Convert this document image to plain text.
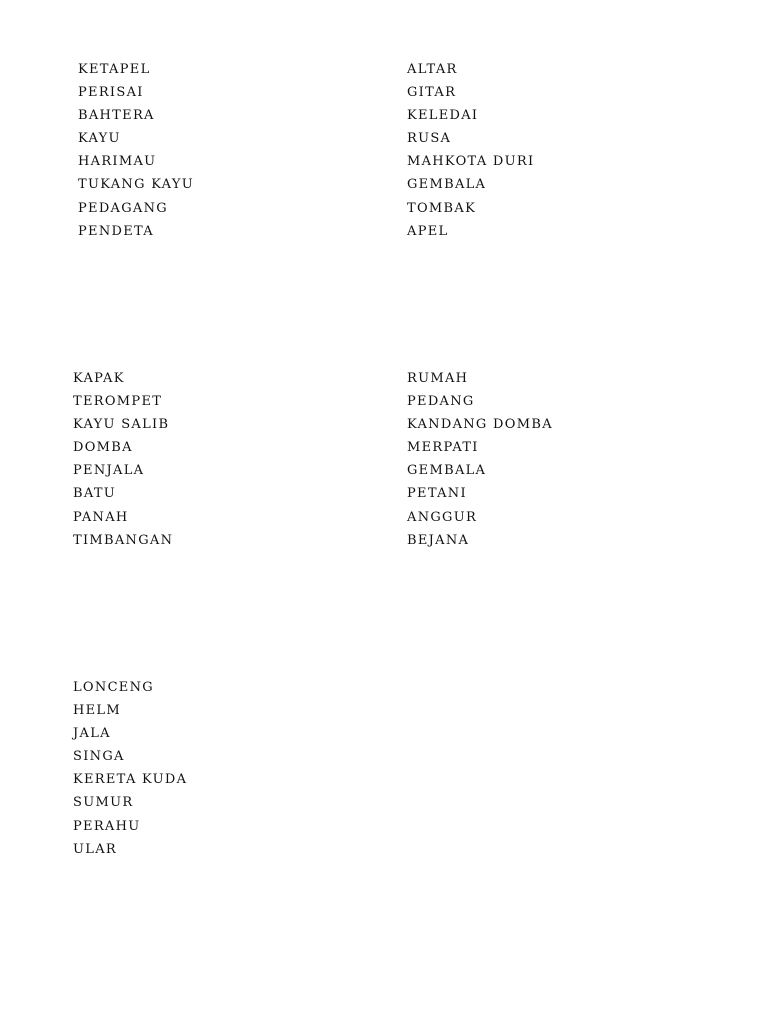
KETAPEL
PERISAI
BAHTERA
KAYU
HARIMAU
TUKANG KAYU
PEDAGANG
PENDETA
ALTAR
GITAR
KELEDAI
RUSA
MAHKOTA DURI
GEMBALA
TOMBAK
APEL
KAPAK
TEROMPET
KAYU SALIB
DOMBA
PENJALA
BATU
PANAH
TIMBANGAN
RUMAH
PEDANG
KANDANG DOMBA
MERPATI
GEMBALA
PETANI
ANGGUR
BEJANA
LONCENG
HELM
JALA
SINGA
KERETA KUDA
SUMUR
PERAHU
ULAR
